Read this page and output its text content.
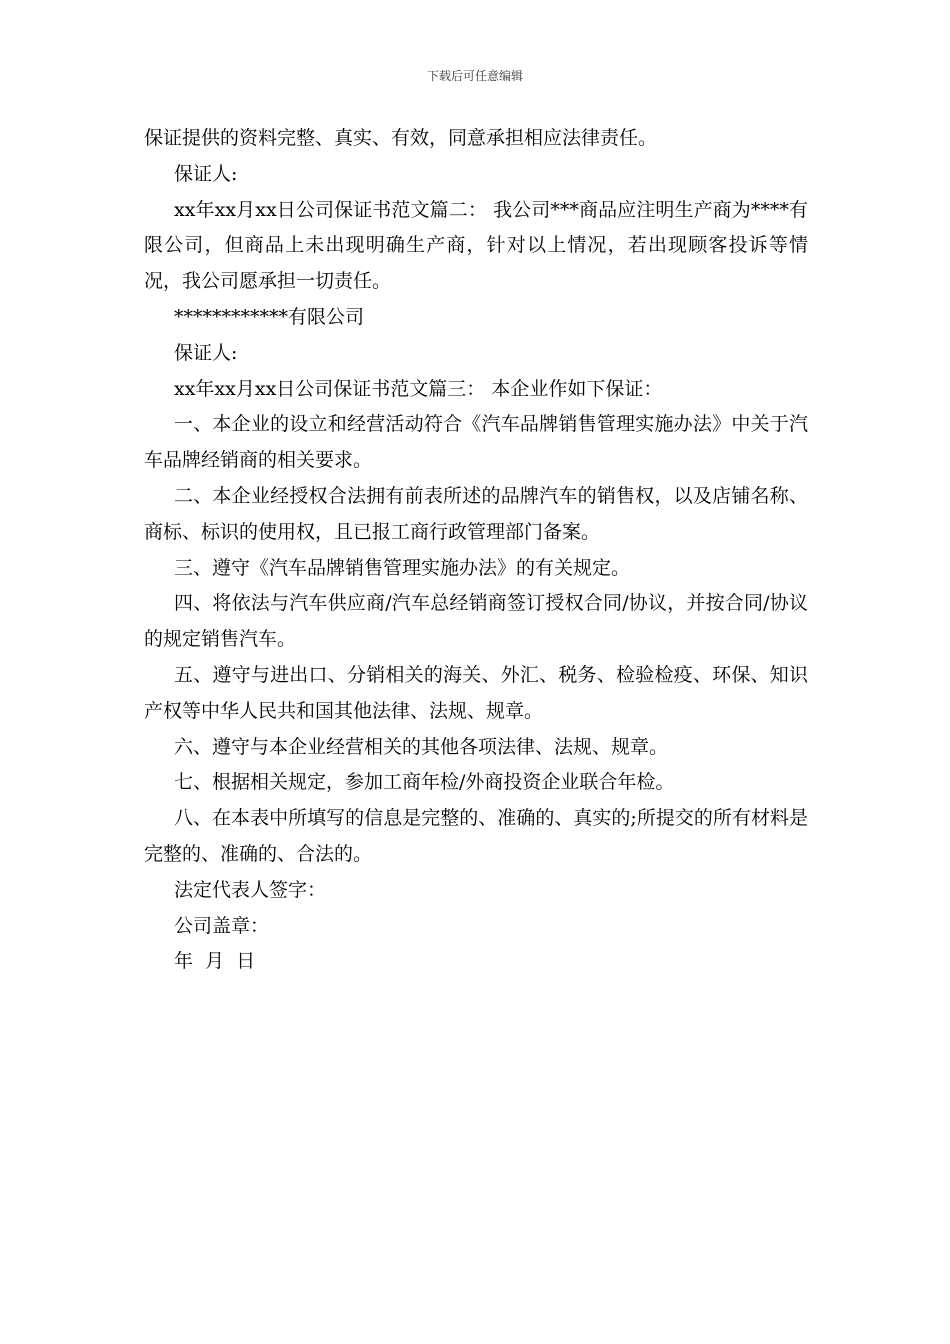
下载后可任意编辑

保证提供的资料完整、真实、有效，同意承担相应法律责任。

保证人:

xx年xx月xx日公司保证书范文篇二： 我公司***商品应注明生产商为****有限公司，但商品上未出现明确生产商，针对以上情况，若出现顾客投诉等情况，我公司愿承担一切责任。

************有限公司

保证人:

xx年xx月xx日公司保证书范文篇三： 本企业作如下保证：

一、本企业的设立和经营活动符合《汽车品牌销售管理实施办法》中关于汽车品牌经销商的相关要求。

二、本企业经授权合法拥有前表所述的品牌汽车的销售权，以及店铺名称、商标、标识的使用权，且已报工商行政管理部门备案。

三、遵守《汽车品牌销售管理实施办法》的有关规定。

四、将依法与汽车供应商/汽车总经销商签订授权合同/协议，并按合同/协议的规定销售汽车。

五、遵守与进出口、分销相关的海关、外汇、税务、检验检疫、环保、知识产权等中华人民共和国其他法律、法规、规章。

六、遵守与本企业经营相关的其他各项法律、法规、规章。

七、根据相关规定，参加工商年检/外商投资企业联合年检。

八、在本表中所填写的信息是完整的、准确的、真实的;所提交的所有材料是完整的、准确的、合法的。

法定代表人签字：

公司盖章：

年  月  日
